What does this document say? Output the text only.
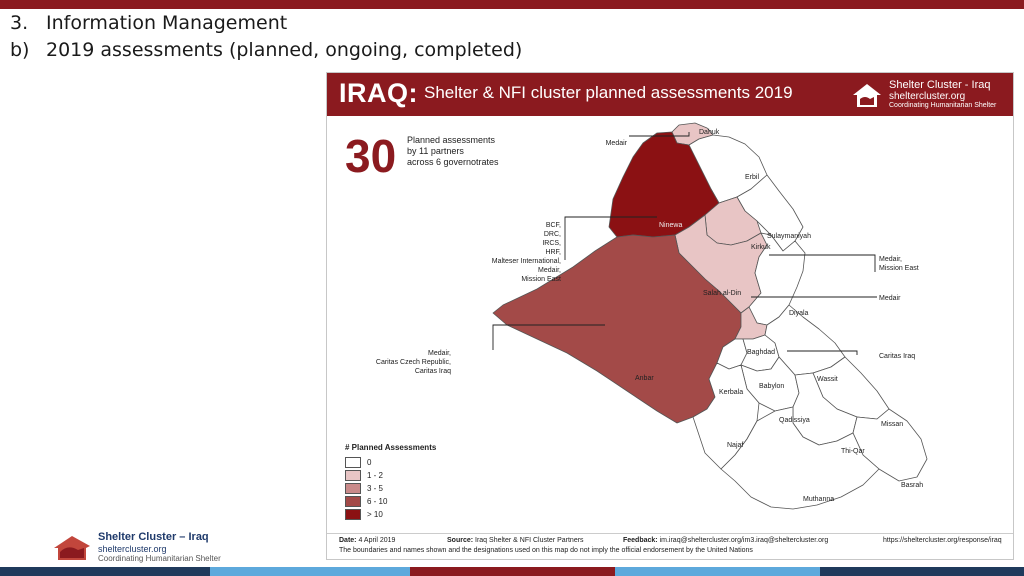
3. Information Management
b) 2019 assessments (planned, ongoing, completed)
IRAQ: Shelter & NFI cluster planned assessments 2019	Shelter Cluster - Iraq
sheltercluster.org
Coordinating Humanitarian Shelter
30 Planned assessments
by 11 partners
across 6 governotrates
Dahuk
Erbil
Ninewa
Sulaymaniyah
Kirkuk
Salah al-Din
Diyala
Baghdad
Anbar	Wassit
Kerbala
Babylon
Qadissiya
Missan
Najaf
Thi-Qar
Basrah
Muthanna
Medair
BCF,
DRC,
IRCS,
HRF,
Malteser International,
Medair,
Mission East
Medair,
Caritas Czech Republic,
Caritas Iraq
Medair,
Mission East
Medair
Caritas Iraq
# Planned Assessments
0
1 - 2
3 - 5
6 - 10
> 10
Date: 4 April 2019	Source: Iraq Shelter & NFI Cluster Partners	Feedback: im.iraq@sheltercluster.org/im3.iraq@sheltercluster.org	https://sheltercluster.org/response/iraq
The boundaries and names shown and the designations used on this map do not imply the official endorsement by the United Nations
Shelter Cluster – Iraq
sheltercluster.org
Coordinating Humanitarian Shelter
